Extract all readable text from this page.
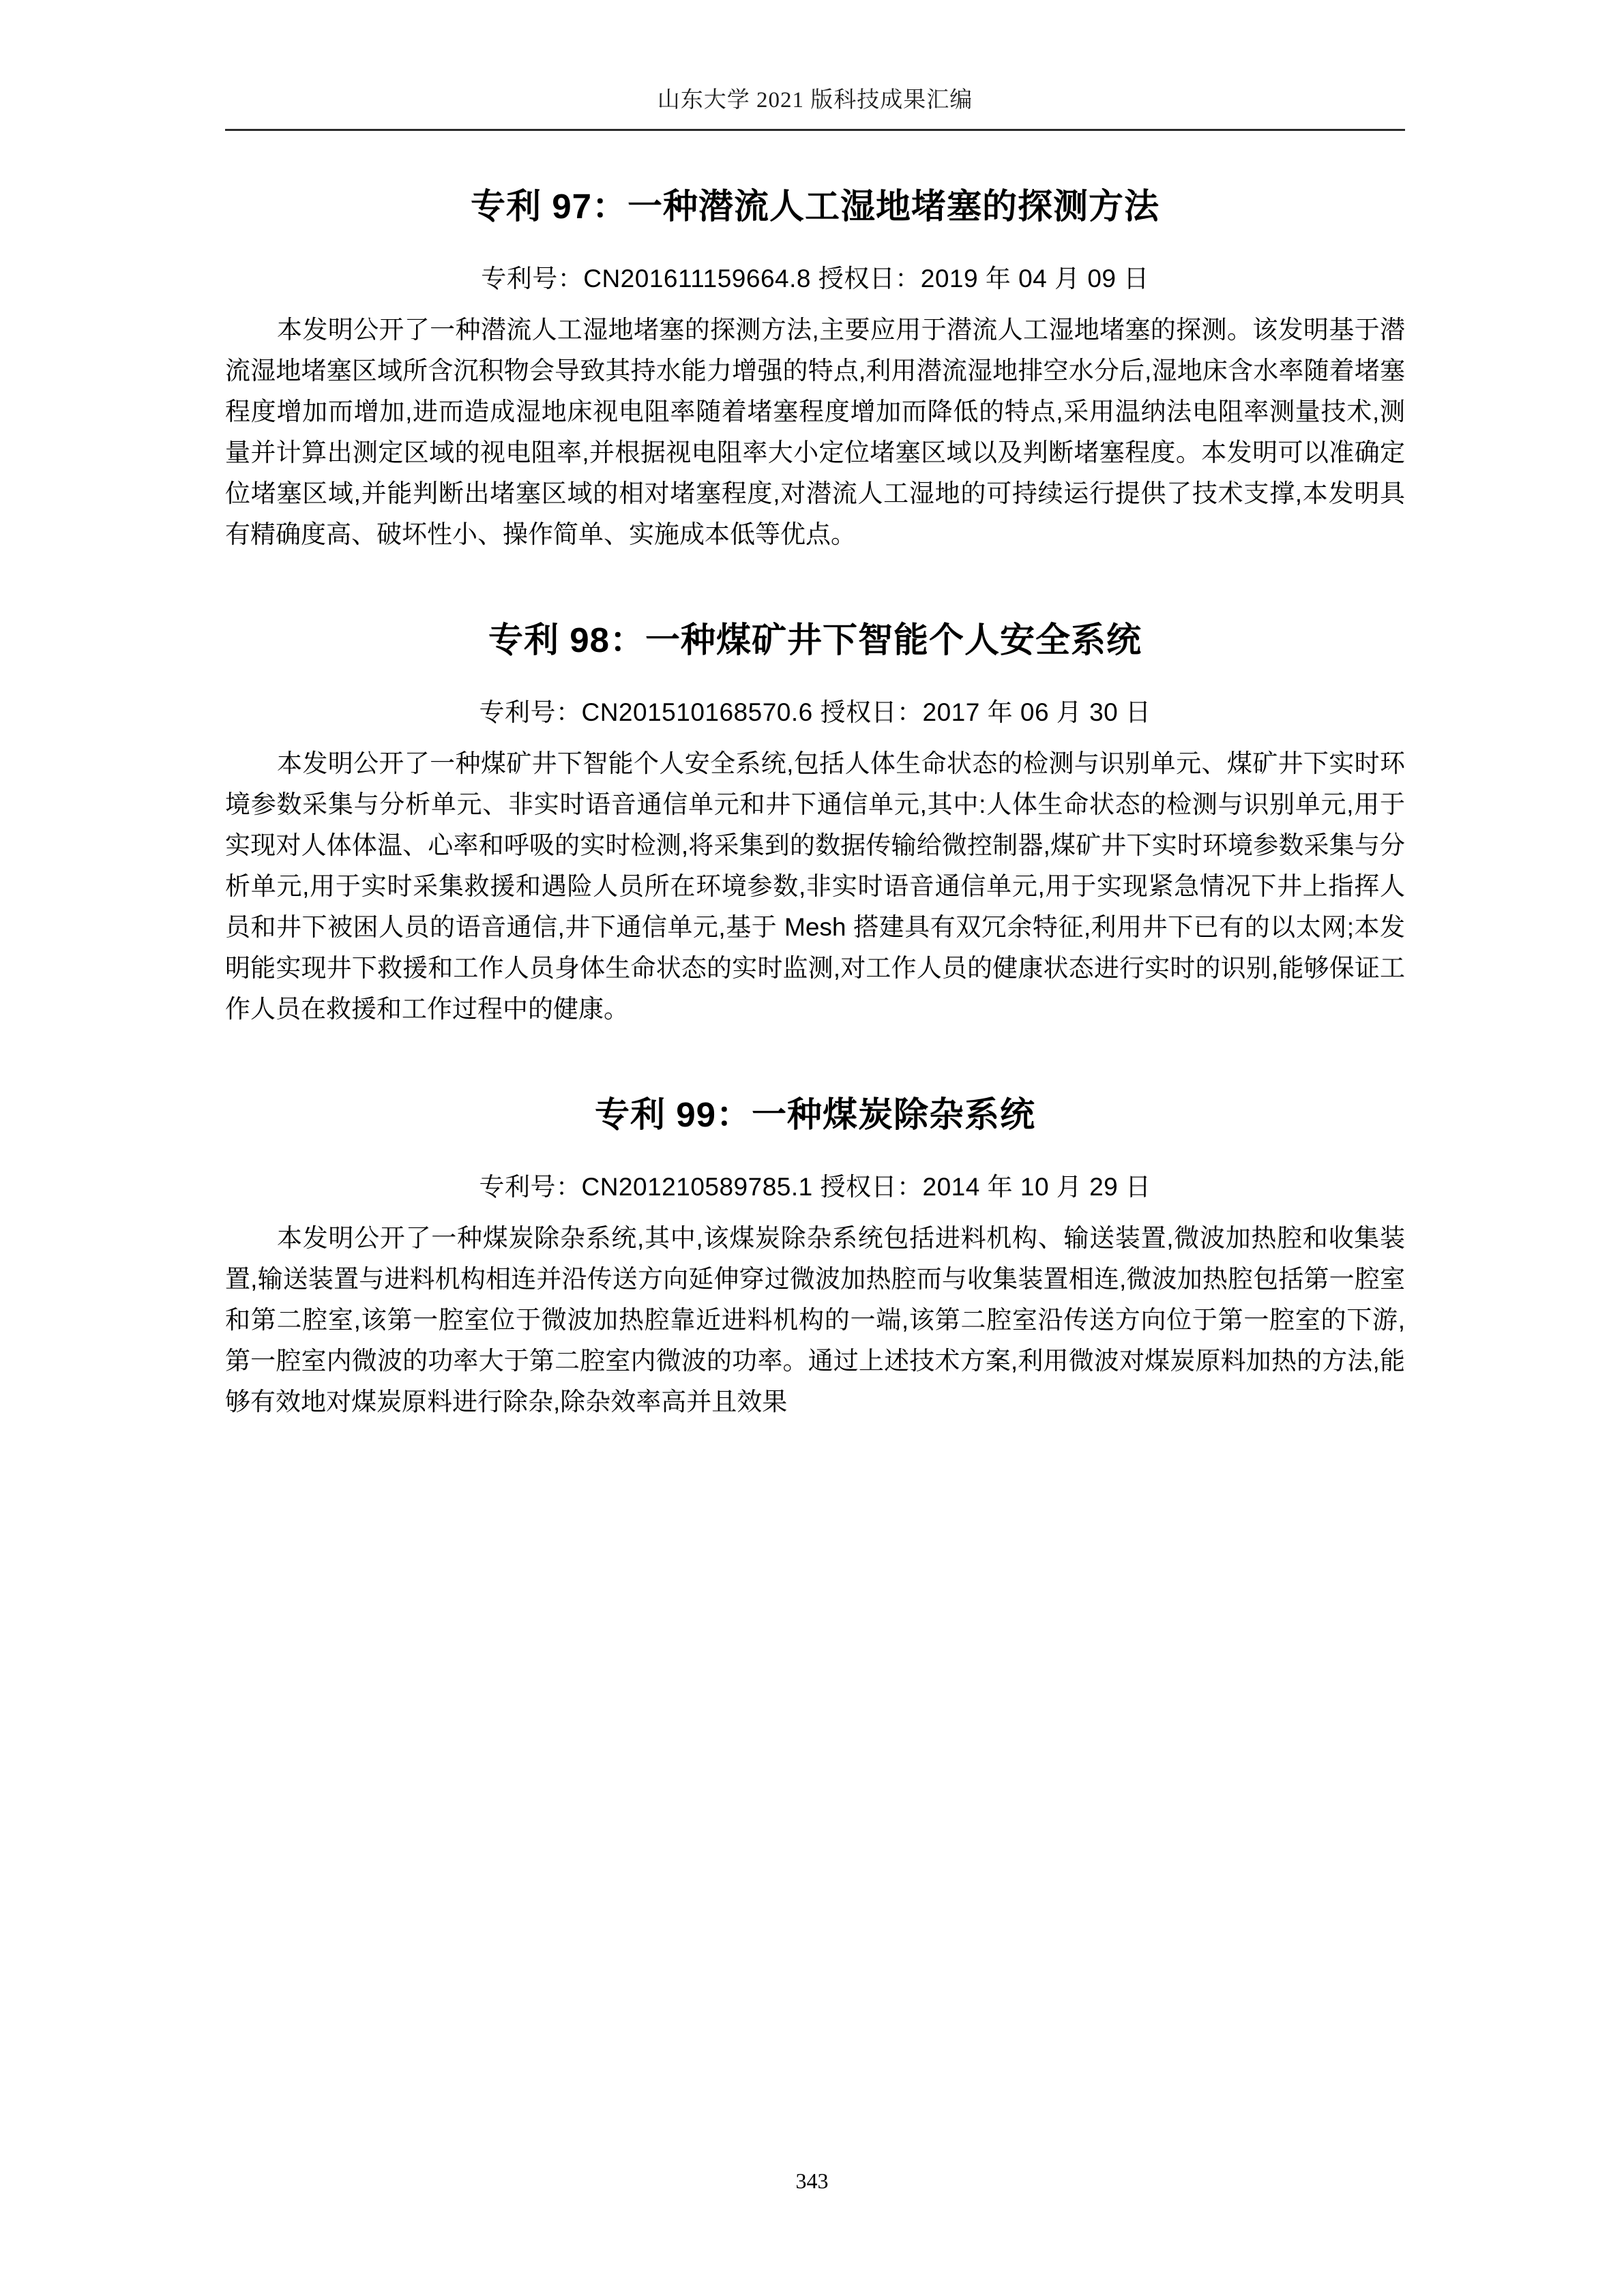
山东大学 2021 版科技成果汇编
专利 97：一种潜流人工湿地堵塞的探测方法
专利号：CN201611159664.8 授权日：2019 年 04 月 09 日
本发明公开了一种潜流人工湿地堵塞的探测方法,主要应用于潜流人工湿地堵塞的探测。该发明基于潜流湿地堵塞区域所含沉积物会导致其持水能力增强的特点,利用潜流湿地排空水分后,湿地床含水率随着堵塞程度增加而增加,进而造成湿地床视电阻率随着堵塞程度增加而降低的特点,采用温纳法电阻率测量技术,测量并计算出测定区域的视电阻率,并根据视电阻率大小定位堵塞区域以及判断堵塞程度。本发明可以准确定位堵塞区域,并能判断出堵塞区域的相对堵塞程度,对潜流人工湿地的可持续运行提供了技术支撑,本发明具有精确度高、破坏性小、操作简单、实施成本低等优点。
专利 98：一种煤矿井下智能个人安全系统
专利号：CN201510168570.6 授权日：2017 年 06 月 30 日
本发明公开了一种煤矿井下智能个人安全系统,包括人体生命状态的检测与识别单元、煤矿井下实时环境参数采集与分析单元、非实时语音通信单元和井下通信单元,其中:人体生命状态的检测与识别单元,用于实现对人体体温、心率和呼吸的实时检测,将采集到的数据传输给微控制器,煤矿井下实时环境参数采集与分析单元,用于实时采集救援和遇险人员所在环境参数,非实时语音通信单元,用于实现紧急情况下井上指挥人员和井下被困人员的语音通信,井下通信单元,基于 Mesh 搭建具有双冗余特征,利用井下已有的以太网;本发明能实现井下救援和工作人员身体生命状态的实时监测,对工作人员的健康状态进行实时的识别,能够保证工作人员在救援和工作过程中的健康。
专利 99：一种煤炭除杂系统
专利号：CN201210589785.1 授权日：2014 年 10 月 29 日
本发明公开了一种煤炭除杂系统,其中,该煤炭除杂系统包括进料机构、输送装置,微波加热腔和收集装置,输送装置与进料机构相连并沿传送方向延伸穿过微波加热腔而与收集装置相连,微波加热腔包括第一腔室和第二腔室,该第一腔室位于微波加热腔靠近进料机构的一端,该第二腔室沿传送方向位于第一腔室的下游,第一腔室内微波的功率大于第二腔室内微波的功率。通过上述技术方案,利用微波对煤炭原料加热的方法,能够有效地对煤炭原料进行除杂,除杂效率高并且效果
343
